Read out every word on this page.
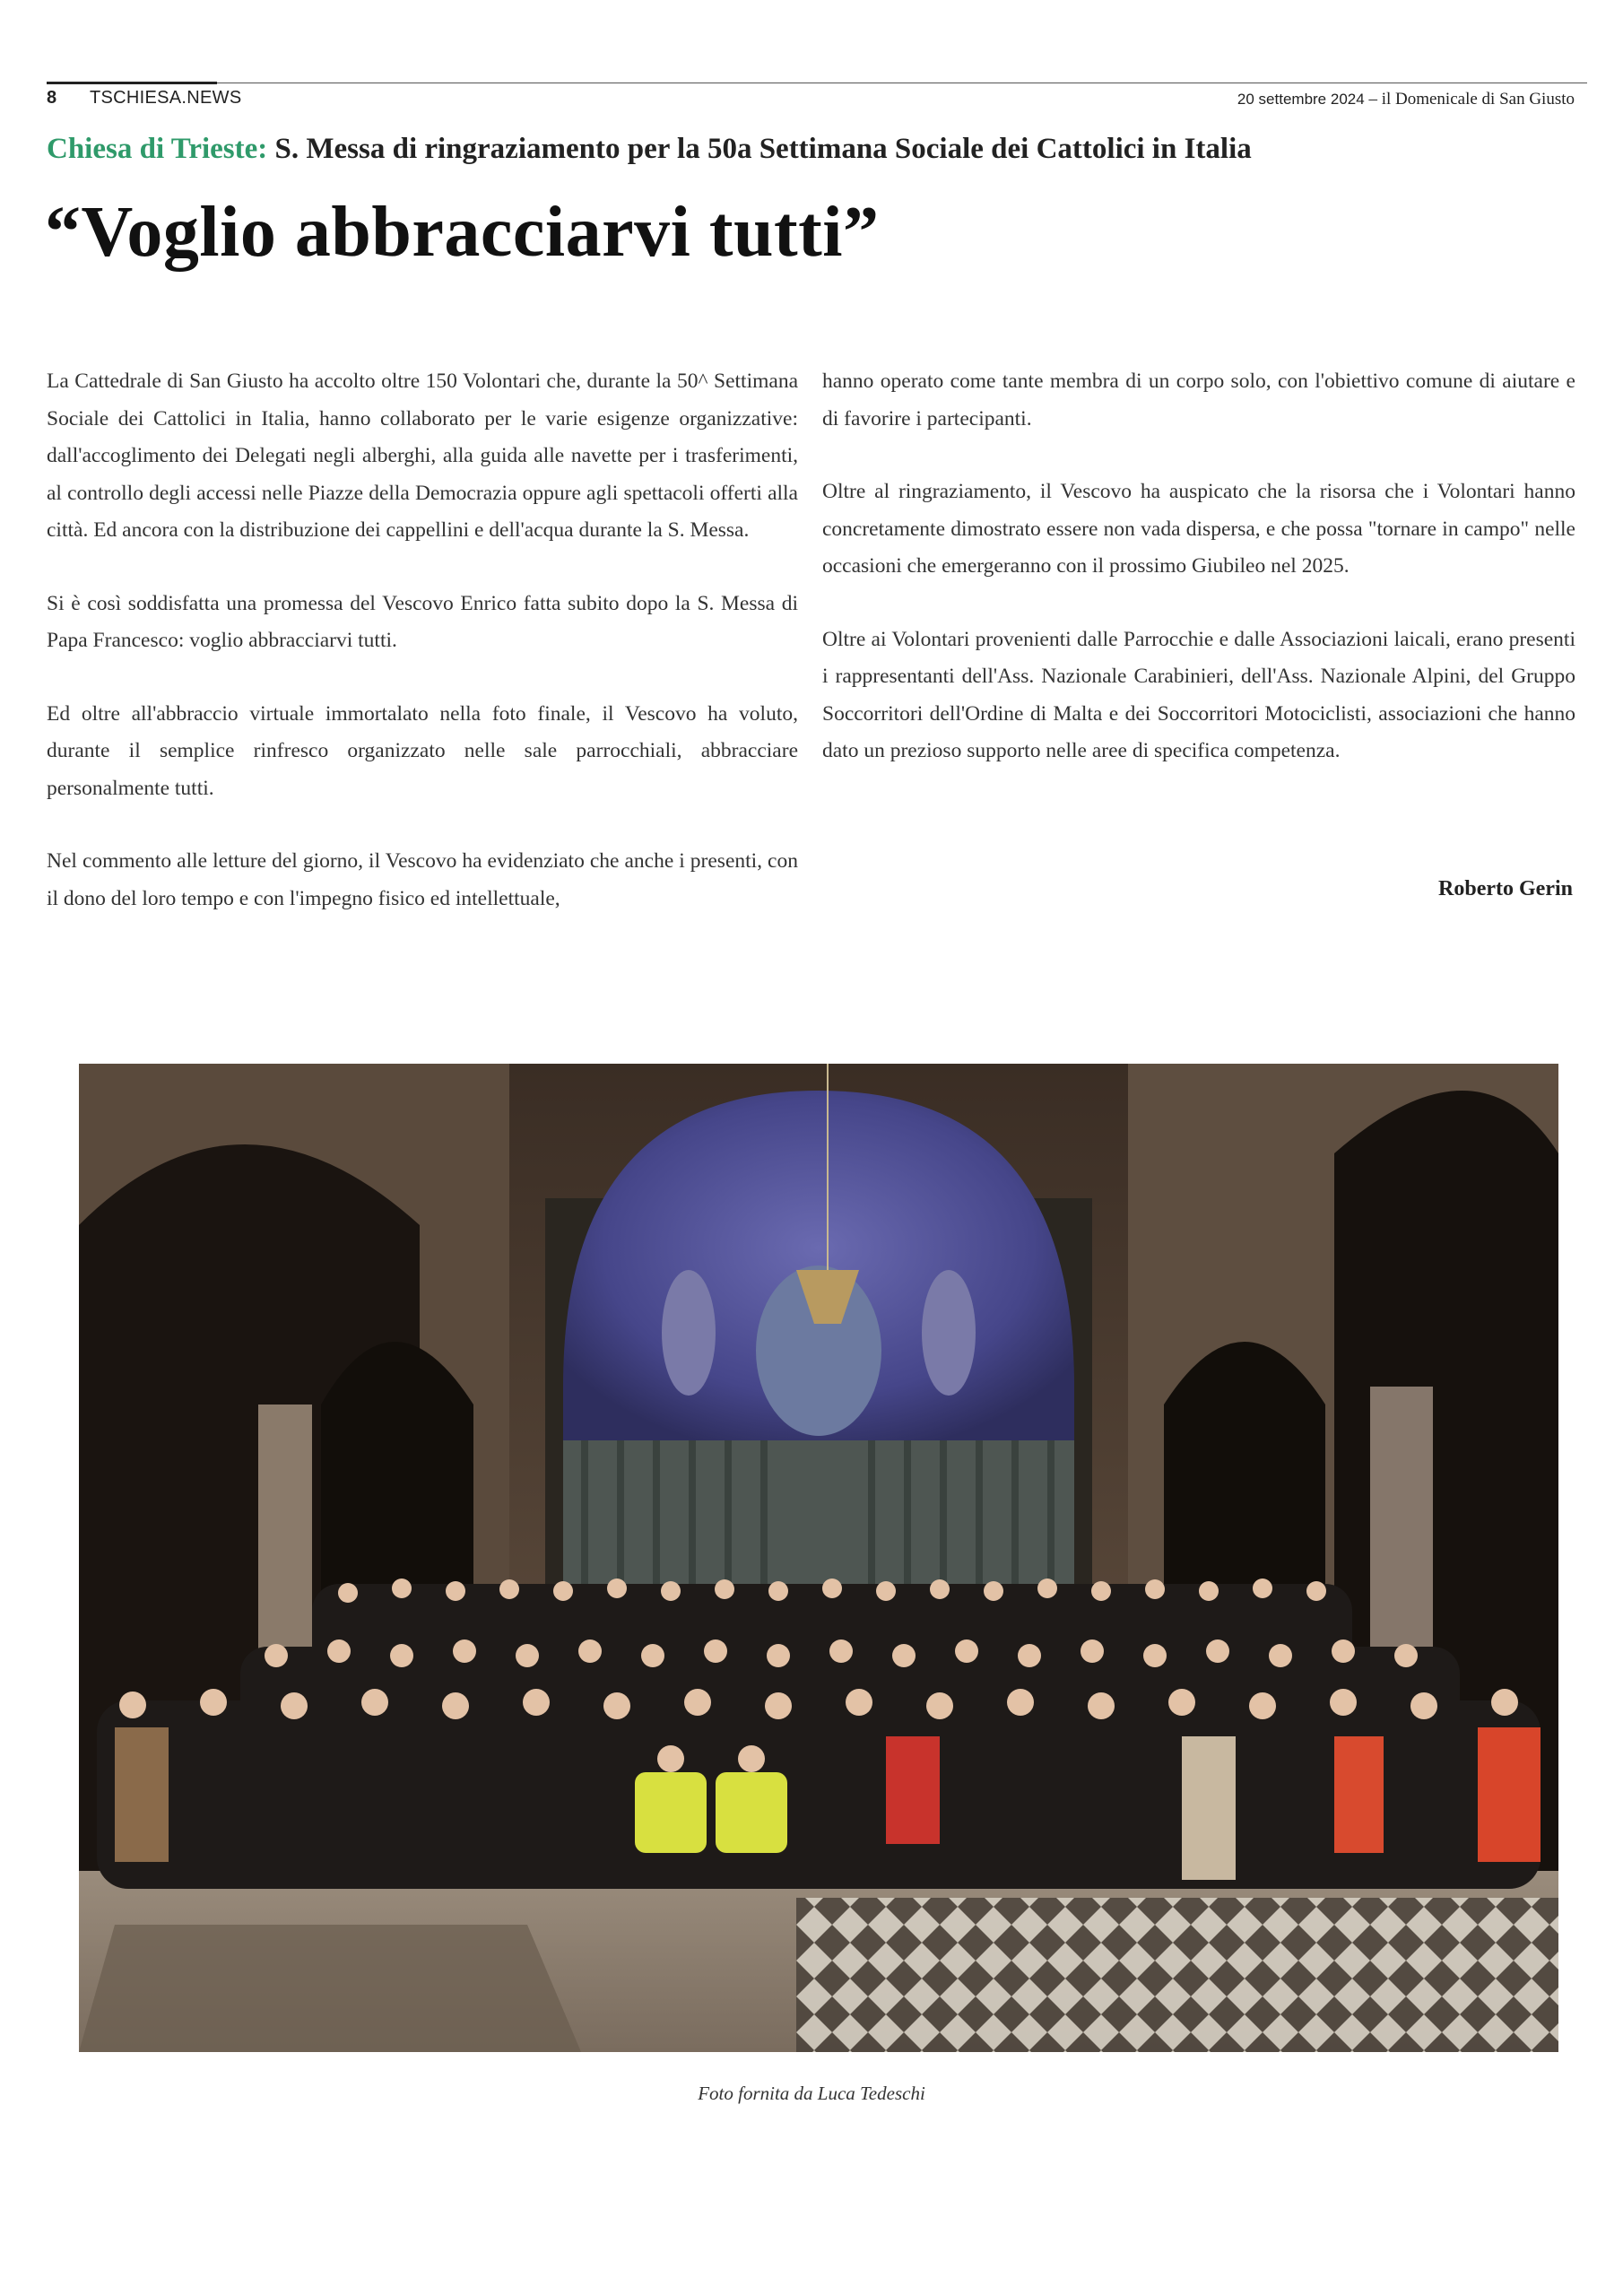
8 TSCHIESA.NEWS	20 settembre 2024 – il Domenicale di San Giusto
Chiesa di Trieste: S. Messa di ringraziamento per la 50a Settimana Sociale dei Cattolici in Italia
“Voglio abbracciarvi tutti”

La Cattedrale di San Giusto ha accolto oltre 150 Volontari che, durante la 50^ Settimana Sociale dei Cattolici in Italia, hanno collaborato per le varie esigenze organizzative: dall'accoglimento dei Delegati negli alberghi, alla guida alle navette per i trasferimenti, al controllo degli accessi nelle Piazze della Democrazia oppure agli spettacoli offerti alla città. Ed ancora con la distribuzione dei cappellini e dell'acqua durante la S. Messa.

Si è così soddisfatta una promessa del Vescovo Enrico fatta subito dopo la S. Messa di Papa Francesco: voglio abbracciarvi tutti.

Ed oltre all'abbraccio virtuale immortalato nella foto finale, il Vescovo ha voluto, durante il semplice rinfresco organizzato nelle sale parrocchiali, abbracciare personalmente tutti.

Nel commento alle letture del giorno, il Vescovo ha evidenziato che anche i presenti, con il dono del loro tempo e con l'impegno fisico ed intellettuale,

hanno operato come tante membra di un corpo solo, con l'obiettivo comune di aiutare e di favorire i partecipanti.

Oltre al ringraziamento, il Vescovo ha auspicato che la risorsa che i Volontari hanno concretamente dimostrato essere non vada dispersa, e che possa "tornare in campo" nelle occasioni che emergeranno con il prossimo Giubileo nel 2025.

Oltre ai Volontari provenienti dalle Parrocchie e dalle Associazioni laicali, erano presenti i rappresentanti dell'Ass. Nazionale Carabinieri, dell'Ass. Nazionale Alpini, del Gruppo Soccorritori dell'Ordine di Malta e dei Soccorritori Motociclisti, associazioni che hanno dato un prezioso supporto nelle aree di specifica competenza.

Roberto Gerin
Foto fornita da Luca Tedeschi
